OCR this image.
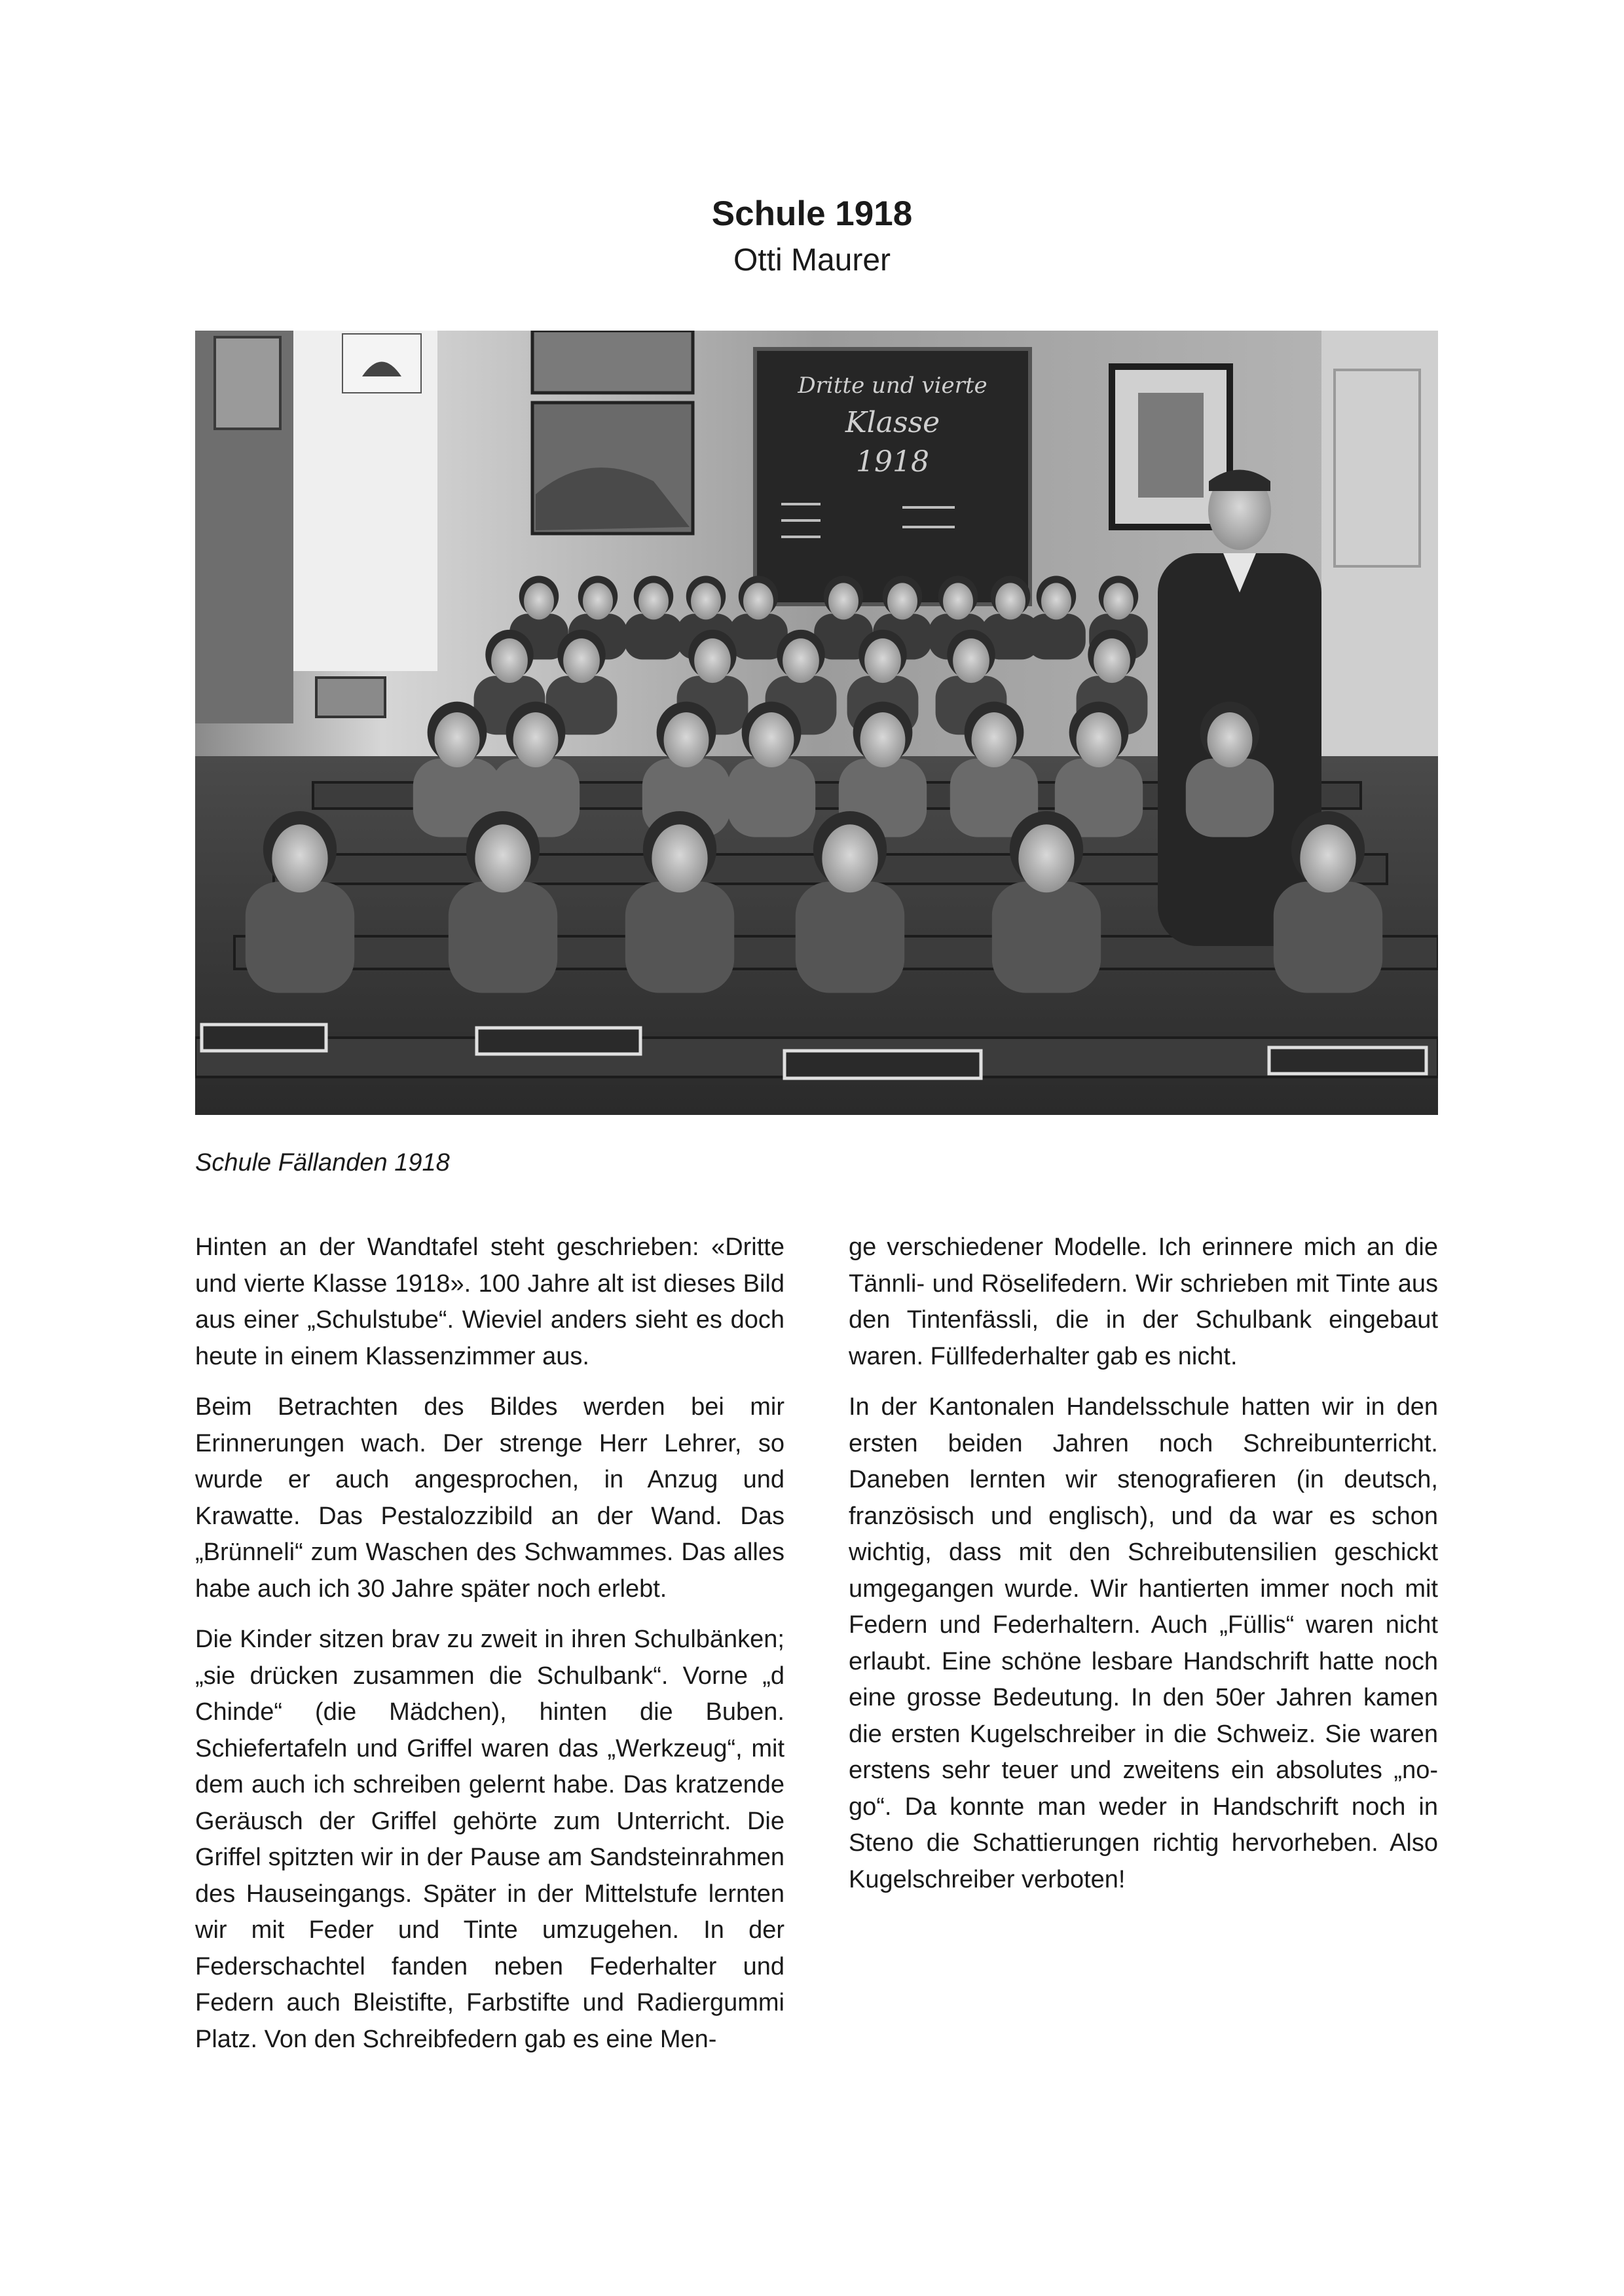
Schule 1918
Otti Maurer
Dritte und vierte
Klasse
1918
Schule Fällanden 1918

Hinten an der Wandtafel steht geschrieben: «Dritte und vierte Klasse 1918». 100 Jahre alt ist dieses Bild aus einer „Schulstube“. Wieviel anders sieht es doch heute in einem Klassenzimmer aus.

Beim Betrachten des Bildes werden bei mir Erinnerungen wach. Der strenge Herr Lehrer, so wurde er auch angesprochen, in Anzug und Krawatte. Das Pestalozzibild an der Wand. Das „Brünneli“ zum Waschen des Schwammes. Das alles habe auch ich 30 Jahre später noch erlebt.

Die Kinder sitzen brav zu zweit in ihren Schulbänken; „sie drücken zusammen die Schulbank“. Vorne „d Chinde“ (die Mädchen), hinten die Buben. Schiefertafeln und Griffel waren das „Werkzeug“, mit dem auch ich schreiben gelernt habe. Das kratzende Geräusch der Griffel gehörte zum Unterricht. Die Griffel spitzten wir in der Pause am Sandsteinrahmen des Hauseingangs. Später in der Mittelstufe lernten wir mit Feder und Tinte umzugehen. In der Federschachtel fanden neben Federhalter und Federn auch Bleistifte, Farbstifte und Radiergummi Platz. Von den Schreibfedern gab es eine Men-

ge verschiedener Modelle. Ich erinnere mich an die Tännli- und Röselifedern. Wir schrieben mit Tinte aus den Tintenfässli, die in der Schulbank eingebaut waren. Füllfederhalter gab es nicht.

In der Kantonalen Handelsschule hatten wir in den ersten beiden Jahren noch Schreibunterricht. Daneben lernten wir stenografieren (in deutsch, französisch und englisch), und da war es schon wichtig, dass mit den Schreibutensilien geschickt umgegangen wurde. Wir hantierten immer noch mit Federn und Federhaltern. Auch „Füllis“ waren nicht erlaubt. Eine schöne lesbare Handschrift hatte noch eine grosse Bedeutung. In den 50er Jahren kamen die ersten Kugelschreiber in die Schweiz. Sie waren erstens sehr teuer und zweitens ein absolutes „no-go“. Da konnte man weder in Handschrift noch in Steno die Schattierungen richtig hervorheben. Also Kugelschreiber verboten!
